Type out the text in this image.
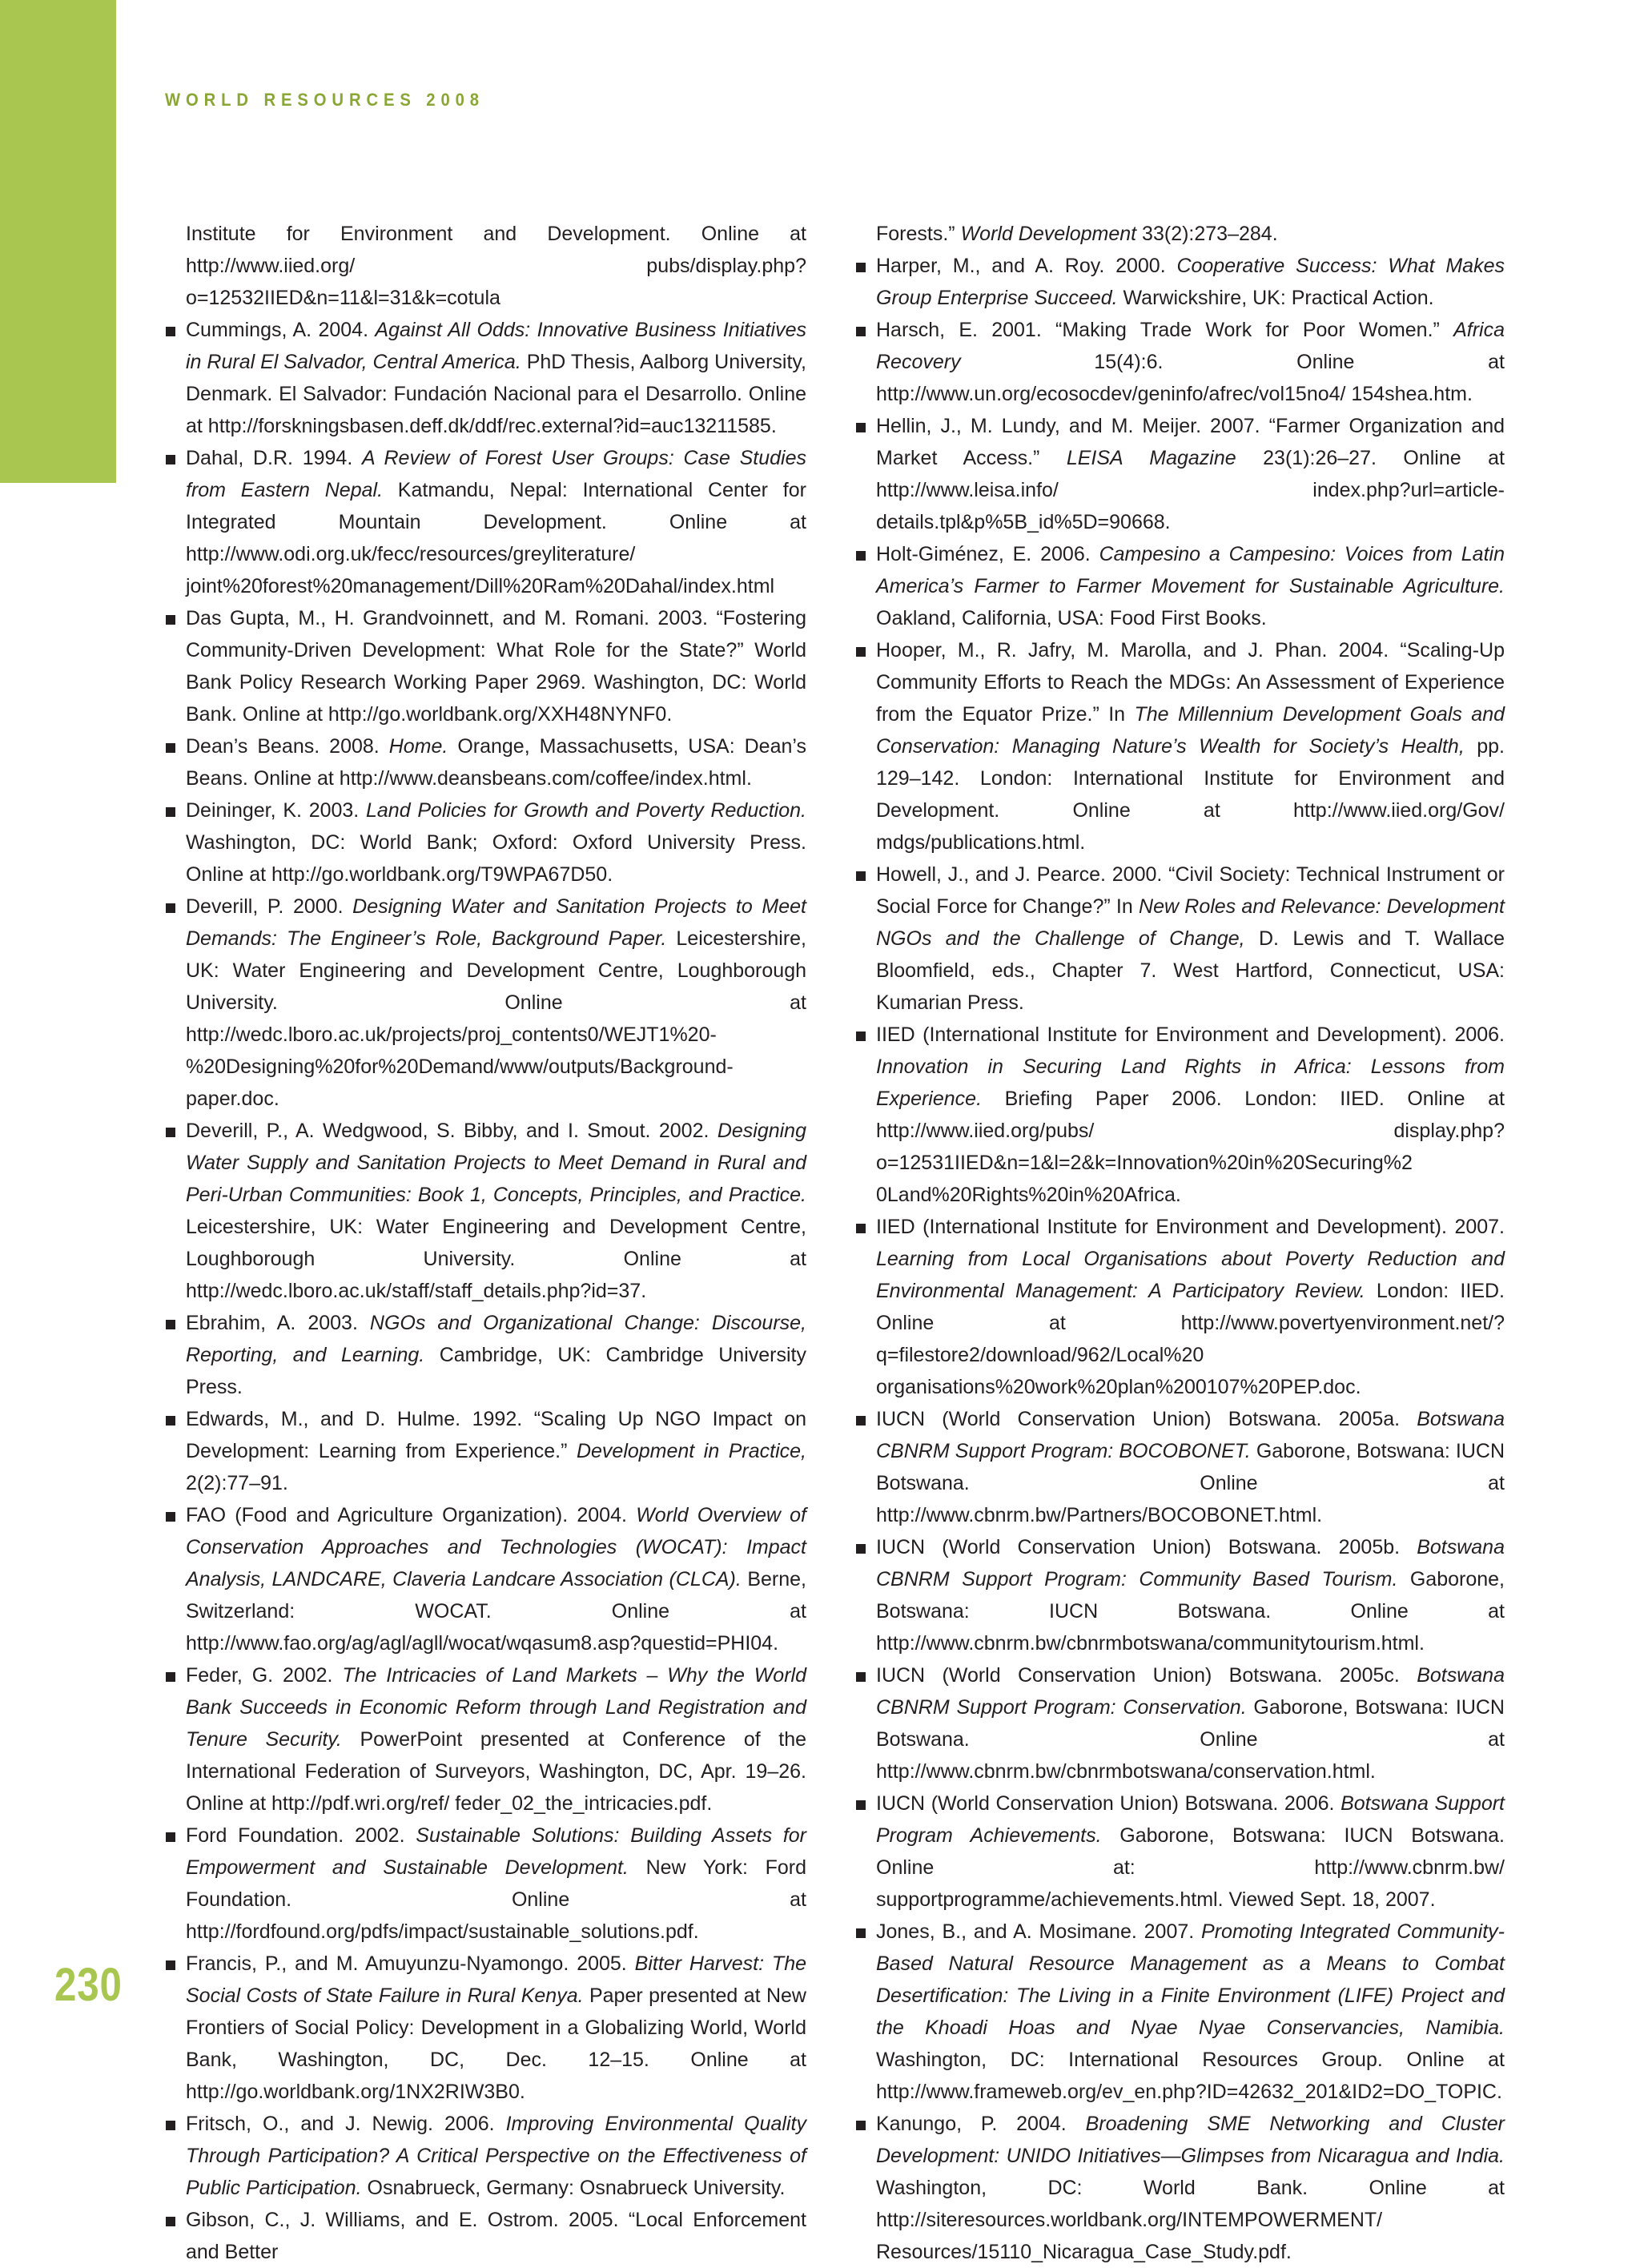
WORLD RESOURCES 2008

Institute for Environment and Development. Online at http://www.iied.org/ pubs/display.php?o=12532IIED&n=11&l=31&k=cotula

Cummings, A. 2004. Against All Odds: Innovative Business Initiatives in Rural El Salvador, Central America. PhD Thesis, Aalborg University, Denmark. El Salvador: Fundación Nacional para el Desarrollo. Online at http://forskningsbasen.deff.dk/ddf/rec.external?id=auc13211585.

Dahal, D.R. 1994. A Review of Forest User Groups: Case Studies from Eastern Nepal. Katmandu, Nepal: International Center for Integrated Mountain Development. Online at http://www.odi.org.uk/fecc/resources/greyliterature/ joint%20forest%20management/Dill%20Ram%20Dahal/index.html

Das Gupta, M., H. Grandvoinnett, and M. Romani. 2003. “Fostering Community-Driven Development: What Role for the State?” World Bank Policy Research Working Paper 2969. Washington, DC: World Bank. Online at http://go.worldbank.org/XXH48NYNF0.

Dean’s Beans. 2008. Home. Orange, Massachusetts, USA: Dean’s Beans. Online at http://www.deansbeans.com/coffee/index.html.

Deininger, K. 2003. Land Policies for Growth and Poverty Reduction. Washington, DC: World Bank; Oxford: Oxford University Press. Online at http://go.worldbank.org/T9WPA67D50.

Deverill, P. 2000. Designing Water and Sanitation Projects to Meet Demands: The Engineer’s Role, Background Paper. Leicestershire, UK: Water Engineering and Development Centre, Loughborough University. Online at http://wedc.lboro.ac.uk/projects/proj_contents0/WEJT1%20-%20Designing%20for%20Demand/www/outputs/Background-paper.doc.

Deverill, P., A. Wedgwood, S. Bibby, and I. Smout. 2002. Designing Water Supply and Sanitation Projects to Meet Demand in Rural and Peri-Urban Communities: Book 1, Concepts, Principles, and Practice. Leicestershire, UK: Water Engineering and Development Centre, Loughborough University. Online at http://wedc.lboro.ac.uk/staff/staff_details.php?id=37.

Ebrahim, A. 2003. NGOs and Organizational Change: Discourse, Reporting, and Learning. Cambridge, UK: Cambridge University Press.

Edwards, M., and D. Hulme. 1992. “Scaling Up NGO Impact on Development: Learning from Experience.” Development in Practice, 2(2):77–91.

FAO (Food and Agriculture Organization). 2004. World Overview of Conservation Approaches and Technologies (WOCAT): Impact Analysis, LANDCARE, Claveria Landcare Association (CLCA). Berne, Switzerland: WOCAT. Online at http://www.fao.org/ag/agl/agll/wocat/wqasum8.asp?questid=PHI04.

Feder, G. 2002. The Intricacies of Land Markets – Why the World Bank Succeeds in Economic Reform through Land Registration and Tenure Security. PowerPoint presented at Conference of the International Federation of Surveyors, Washington, DC, Apr. 19–26. Online at http://pdf.wri.org/ref/ feder_02_the_intricacies.pdf.

Ford Foundation. 2002. Sustainable Solutions: Building Assets for Empowerment and Sustainable Development. New York: Ford Foundation. Online at http://fordfound.org/pdfs/impact/sustainable_solutions.pdf.

Francis, P., and M. Amuyunzu-Nyamongo. 2005. Bitter Harvest: The Social Costs of State Failure in Rural Kenya. Paper presented at New Frontiers of Social Policy: Development in a Globalizing World, World Bank, Washington, DC, Dec. 12–15. Online at http://go.worldbank.org/1NX2RIW3B0.

Fritsch, O., and J. Newig. 2006. Improving Environmental Quality Through Participation? A Critical Perspective on the Effectiveness of Public Participation. Osnabrueck, Germany: Osnabrueck University.

Gibson, C., J. Williams, and E. Ostrom. 2005. “Local Enforcement and Better

Forests.” World Development 33(2):273–284.

Harper, M., and A. Roy. 2000. Cooperative Success: What Makes Group Enterprise Succeed. Warwickshire, UK: Practical Action.

Harsch, E. 2001. “Making Trade Work for Poor Women.” Africa Recovery 15(4):6. Online at http://www.un.org/ecosocdev/geninfo/afrec/vol15no4/ 154shea.htm.

Hellin, J., M. Lundy, and M. Meijer. 2007. “Farmer Organization and Market Access.” LEISA Magazine 23(1):26–27. Online at http://www.leisa.info/ index.php?url=article-details.tpl&p%5B_id%5D=90668.

Holt-Giménez, E. 2006. Campesino a Campesino: Voices from Latin America’s Farmer to Farmer Movement for Sustainable Agriculture. Oakland, California, USA: Food First Books.

Hooper, M., R. Jafry, M. Marolla, and J. Phan. 2004. “Scaling-Up Community Efforts to Reach the MDGs: An Assessment of Experience from the Equator Prize.” In The Millennium Development Goals and Conservation: Managing Nature’s Wealth for Society’s Health, pp. 129–142. London: International Institute for Environment and Development. Online at http://www.iied.org/Gov/ mdgs/publications.html.

Howell, J., and J. Pearce. 2000. “Civil Society: Technical Instrument or Social Force for Change?” In New Roles and Relevance: Development NGOs and the Challenge of Change, D. Lewis and T. Wallace Bloomfield, eds., Chapter 7. West Hartford, Connecticut, USA: Kumarian Press.

IIED (International Institute for Environment and Development). 2006. Innovation in Securing Land Rights in Africa: Lessons from Experience. Briefing Paper 2006. London: IIED. Online at http://www.iied.org/pubs/ display.php?o=12531IIED&n=1&l=2&k=Innovation%20in%20Securing%2 0Land%20Rights%20in%20Africa.

IIED (International Institute for Environment and Development). 2007. Learning from Local Organisations about Poverty Reduction and Environmental Management: A Participatory Review. London: IIED. Online at http://www.povertyenvironment.net/?q=filestore2/download/962/Local%20 organisations%20work%20plan%200107%20PEP.doc.

IUCN (World Conservation Union) Botswana. 2005a. Botswana CBNRM Support Program: BOCOBONET. Gaborone, Botswana: IUCN Botswana. Online at http://www.cbnrm.bw/Partners/BOCOBONET.html.

IUCN (World Conservation Union) Botswana. 2005b. Botswana CBNRM Support Program: Community Based Tourism. Gaborone, Botswana: IUCN Botswana. Online at http://www.cbnrm.bw/cbnrmbotswana/communitytourism.html.

IUCN (World Conservation Union) Botswana. 2005c. Botswana CBNRM Support Program: Conservation. Gaborone, Botswana: IUCN Botswana. Online at http://www.cbnrm.bw/cbnrmbotswana/conservation.html.

IUCN (World Conservation Union) Botswana. 2006. Botswana Support Program Achievements. Gaborone, Botswana: IUCN Botswana. Online at: http://www.cbnrm.bw/ supportprogramme/achievements.html. Viewed Sept. 18, 2007.

Jones, B., and A. Mosimane. 2007. Promoting Integrated Community-Based Natural Resource Management as a Means to Combat Desertification: The Living in a Finite Environment (LIFE) Project and the Khoadi Hoas and Nyae Nyae Conservancies, Namibia. Washington, DC: International Resources Group. Online at http://www.frameweb.org/ev_en.php?ID=42632_201&ID2=DO_TOPIC.

Kanungo, P. 2004. Broadening SME Networking and Cluster Development: UNIDO Initiatives—Glimpses from Nicaragua and India. Washington, DC: World Bank. Online at http://siteresources.worldbank.org/INTEMPOWERMENT/ Resources/15110_Nicaragua_Case_Study.pdf.

230
